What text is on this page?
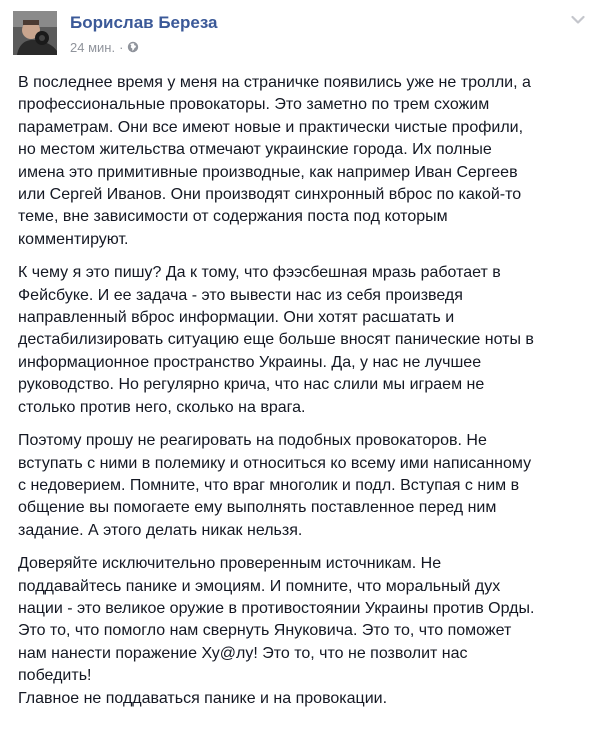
Борислав Береза
24 мин. ·
В последнее время у меня на страничке появились уже не тролли, а
профессиональные провокаторы. Это заметно по трем схожим
параметрам. Они все имеют новые и практически чистые профили,
но местом жительства отмечают украинские города. Их полные
имена это примитивные производные, как например Иван Сергеев
или Сергей Иванов. Они производят синхронный вброс по какой-то
теме, вне зависимости от содержания поста под которым
комментируют.
К чему я это пишу? Да к тому, что фээсбешная мразь работает в
Фейсбуке. И ее задача - это вывести нас из себя произведя
направленный вброс информации. Они хотят расшатать и
дестабилизировать ситуацию еще больше вносят панические ноты в
информационное пространство Украины. Да, у нас не лучшее
руководство. Но регулярно крича, что нас слили мы играем не
столько против него, сколько на врага.
Поэтому прошу не реагировать на подобных провокаторов. Не
вступать с ними в полемику и относиться ко всему ими написанному
с недоверием. Помните, что враг многолик и подл. Вступая с ним в
общение вы помогаете ему выполнять поставленное перед ним
задание. А этого делать никак нельзя.
Доверяйте исключительно проверенным источникам. Не
поддавайтесь панике и эмоциям. И помните, что моральный дух
нации - это великое оружие в противостоянии Украины против Орды.
Это то, что помогло нам свернуть Януковича. Это то, что поможет
нам нанести поражение Ху@лу! Это то, что не позволит нас
победить!
Главное не поддаваться панике и на провокации.
